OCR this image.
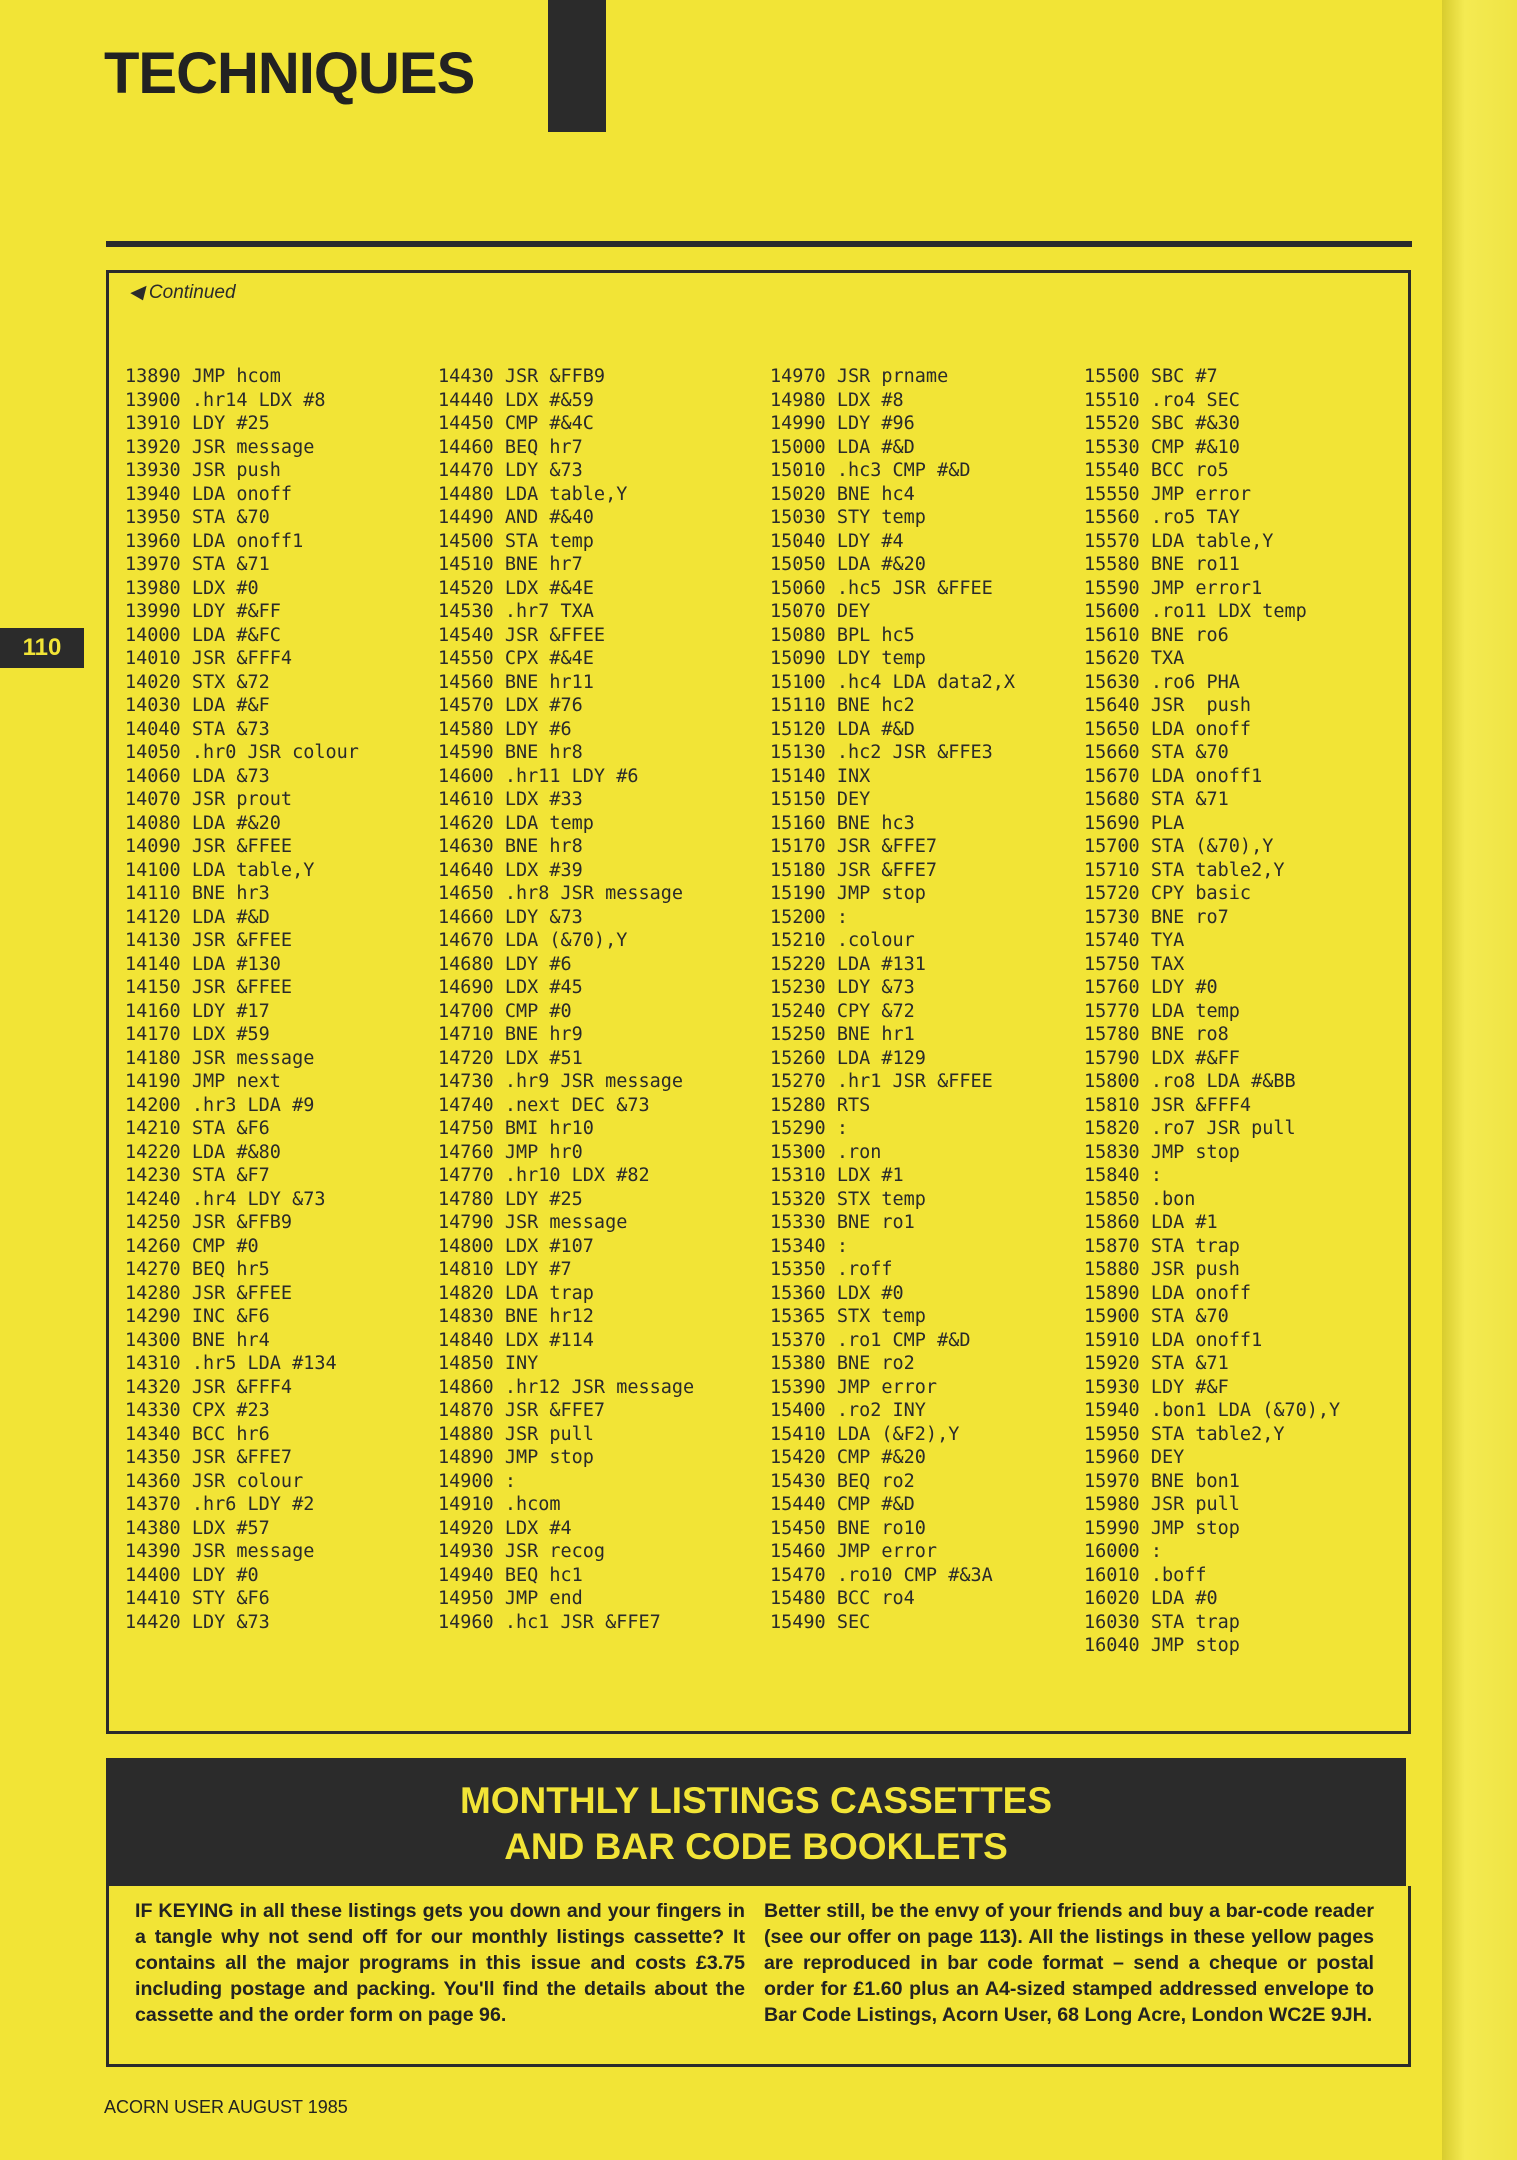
TECHNIQUES
110
◀ Continued
13890 JMP hcom
13900 .hr14 LDX #8
13910 LDY #25
13920 JSR message
13930 JSR push
13940 LDA onoff
13950 STA &70
13960 LDA onoff1
13970 STA &71
13980 LDX #0
13990 LDY #&FF
14000 LDA #&FC
14010 JSR &FFF4
14020 STX &72
14030 LDA #&F
14040 STA &73
14050 .hr0 JSR colour
14060 LDA &73
14070 JSR prout
14080 LDA #&20
14090 JSR &FFEE
14100 LDA table,Y
14110 BNE hr3
14120 LDA #&D
14130 JSR &FFEE
14140 LDA #130
14150 JSR &FFEE
14160 LDY #17
14170 LDX #59
14180 JSR message
14190 JMP next
14200 .hr3 LDA #9
14210 STA &F6
14220 LDA #&80
14230 STA &F7
14240 .hr4 LDY &73
14250 JSR &FFB9
14260 CMP #0
14270 BEQ hr5
14280 JSR &FFEE
14290 INC &F6
14300 BNE hr4
14310 .hr5 LDA #134
14320 JSR &FFF4
14330 CPX #23
14340 BCC hr6
14350 JSR &FFE7
14360 JSR colour
14370 .hr6 LDY #2
14380 LDX #57
14390 JSR message
14400 LDY #0
14410 STY &F6
14420 LDY &73
14430 JSR &FFB9
14440 LDX #&59
14450 CMP #&4C
14460 BEQ hr7
14470 LDY &73
14480 LDA table,Y
14490 AND #&40
14500 STA temp
14510 BNE hr7
14520 LDX #&4E
14530 .hr7 TXA
14540 JSR &FFEE
14550 CPX #&4E
14560 BNE hr11
14570 LDX #76
14580 LDY #6
14590 BNE hr8
14600 .hr11 LDY #6
14610 LDX #33
14620 LDA temp
14630 BNE hr8
14640 LDX #39
14650 .hr8 JSR message
14660 LDY &73
14670 LDA (&70),Y
14680 LDY #6
14690 LDX #45
14700 CMP #0
14710 BNE hr9
14720 LDX #51
14730 .hr9 JSR message
14740 .next DEC &73
14750 BMI hr10
14760 JMP hr0
14770 .hr10 LDX #82
14780 LDY #25
14790 JSR message
14800 LDX #107
14810 LDY #7
14820 LDA trap
14830 BNE hr12
14840 LDX #114
14850 INY
14860 .hr12 JSR message
14870 JSR &FFE7
14880 JSR pull
14890 JMP stop
14900 :
14910 .hcom
14920 LDX #4
14930 JSR recog
14940 BEQ hc1
14950 JMP end
14960 .hc1 JSR &FFE7
14970 JSR prname
14980 LDX #8
14990 LDY #96
15000 LDA #&D
15010 .hc3 CMP #&D
15020 BNE hc4
15030 STY temp
15040 LDY #4
15050 LDA #&20
15060 .hc5 JSR &FFEE
15070 DEY
15080 BPL hc5
15090 LDY temp
15100 .hc4 LDA data2,X
15110 BNE hc2
15120 LDA #&D
15130 .hc2 JSR &FFE3
15140 INX
15150 DEY
15160 BNE hc3
15170 JSR &FFE7
15180 JSR &FFE7
15190 JMP stop
15200 :
15210 .colour
15220 LDA #131
15230 LDY &73
15240 CPY &72
15250 BNE hr1
15260 LDA #129
15270 .hr1 JSR &FFEE
15280 RTS
15290 :
15300 .ron
15310 LDX #1
15320 STX temp
15330 BNE ro1
15340 :
15350 .roff
15360 LDX #0
15365 STX temp
15370 .ro1 CMP #&D
15380 BNE ro2
15390 JMP error
15400 .ro2 INY
15410 LDA (&F2),Y
15420 CMP #&20
15430 BEQ ro2
15440 CMP #&D
15450 BNE ro10
15460 JMP error
15470 .ro10 CMP #&3A
15480 BCC ro4
15490 SEC
15500 SBC #7
15510 .ro4 SEC
15520 SBC #&30
15530 CMP #&10
15540 BCC ro5
15550 JMP error
15560 .ro5 TAY
15570 LDA table,Y
15580 BNE ro11
15590 JMP error1
15600 .ro11 LDX temp
15610 BNE ro6
15620 TXA
15630 .ro6 PHA
15640 JSR  push
15650 LDA onoff
15660 STA &70
15670 LDA onoff1
15680 STA &71
15690 PLA
15700 STA (&70),Y
15710 STA table2,Y
15720 CPY basic
15730 BNE ro7
15740 TYA
15750 TAX
15760 LDY #0
15770 LDA temp
15780 BNE ro8
15790 LDX #&FF
15800 .ro8 LDA #&BB
15810 JSR &FFF4
15820 .ro7 JSR pull
15830 JMP stop
15840 :
15850 .bon
15860 LDA #1
15870 STA trap
15880 JSR push
15890 LDA onoff
15900 STA &70
15910 LDA onoff1
15920 STA &71
15930 LDY #&F
15940 .bon1 LDA (&70),Y
15950 STA table2,Y
15960 DEY
15970 BNE bon1
15980 JSR pull
15990 JMP stop
16000 :
16010 .boff
16020 LDA #0
16030 STA trap
16040 JMP stop
MONTHLY LISTINGS CASSETTES
AND BAR CODE BOOKLETS
IF KEYING in all these listings gets you down and your fingers in a tangle why not send off for our monthly listings cassette? It contains all the major programs in this issue and costs £3.75 including postage and packing. You'll find the details about the cassette and the order form on page 96.
Better still, be the envy of your friends and buy a bar-code reader (see our offer on page 113). All the listings in these yellow pages are reproduced in bar code format – send a cheque or postal order for £1.60 plus an A4-sized stamped addressed envelope to Bar Code Listings, Acorn User, 68 Long Acre, London WC2E 9JH.
ACORN USER AUGUST 1985
